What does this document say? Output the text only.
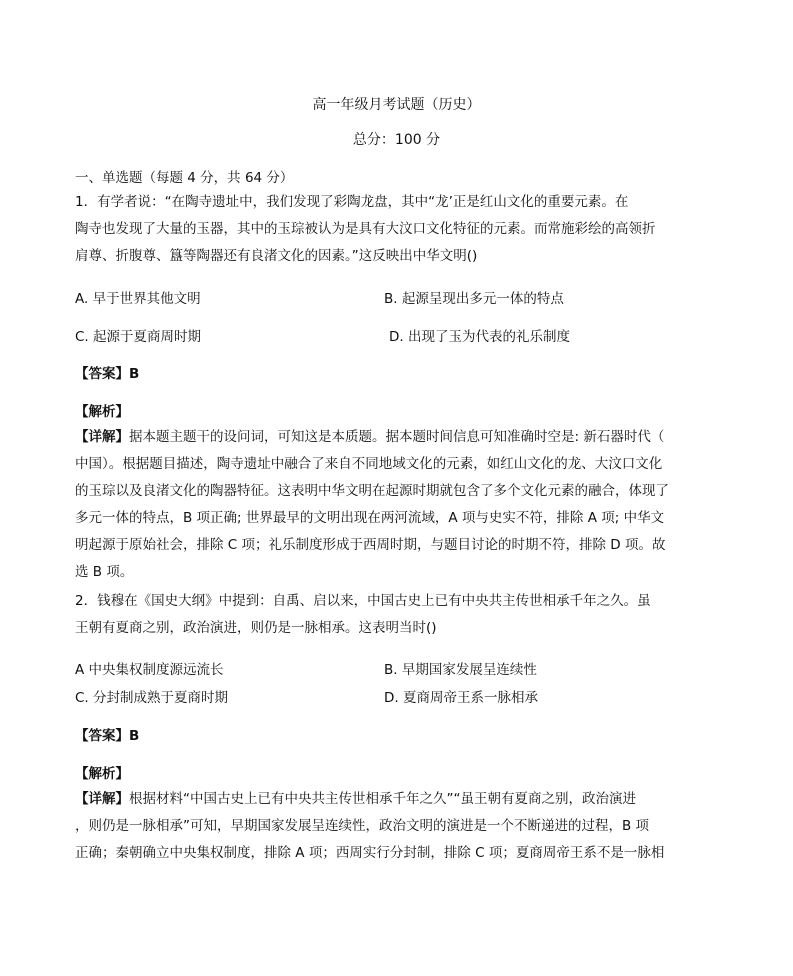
高一年级月考试题（历史）
总分：100 分
一、单选题（每题 4 分，共 64 分）

1．有学者说：“在陶寺遗址中，我们发现了彩陶龙盘，其中“龙’正是红山文化的重要元素。在

陶寺也发现了大量的玉器，其中的玉琮被认为是具有大汶口文化特征的元素。而常施彩绘的高领折

肩尊、折腹尊、簋等陶器还有良渚文化的因素。”这反映出中华文明()

A. 早于世界其他文明	B. 起源呈现出多元一体的特点
C. 起源于夏商周时期	D. 出现了玉为代表的礼乐制度
【答案】B
【解析】

【详解】据本题主题干的设问词，可知这是本质题。据本题时间信息可知准确时空是: 新石器时代（

中国）。根据题目描述，陶寺遗址中融合了来自不同地域文化的元素，如红山文化的龙、大汶口文化

的玉琮以及良渚文化的陶器特征。这表明中华文明在起源时期就包含了多个文化元素的融合，体现了

多元一体的特点，B 项正确; 世界最早的文明出现在两河流域，A 项与史实不符，排除 A 项; 中华文

明起源于原始社会，排除 C 项；礼乐制度形成于西周时期，与题目讨论的时期不符，排除 D 项。故

选 B 项。

2．钱穆在《国史大纲》中提到：自禹、启以来，中国古史上已有中央共主传世相承千年之久。虽

王朝有夏商之别，政治演进，则仍是一脉相承。这表明当时()

A 中央集权制度源远流长	B. 早期国家发展呈连续性
C. 分封制成熟于夏商时期	D. 夏商周帝王系一脉相承
【答案】B
【解析】

【详解】根据材料“中国古史上已有中央共主传世相承千年之久”“虽王朝有夏商之别，政治演进

，则仍是一脉相承”可知，早期国家发展呈连续性，政治文明的演进是一个不断递进的过程，B 项

正确；秦朝确立中央集权制度，排除 A 项；西周实行分封制，排除 C 项；夏商周帝王系不是一脉相
